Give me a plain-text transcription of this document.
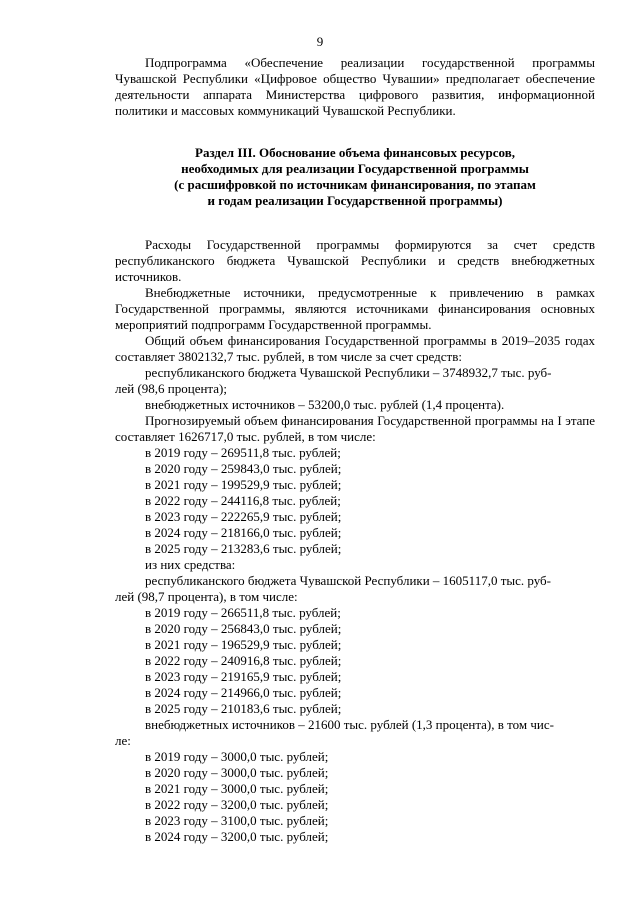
9

Подпрограмма «Обеспечение реализации государственной программы Чувашской Республики «Цифровое общество Чувашии» предполагает обеспечение деятельности аппарата Министерства цифрового развития, информационной политики и массовых коммуникаций Чувашской Республики.

Раздел III. Обоснование объема финансовых ресурсов,
необходимых для реализации Государственной программы
(с расшифровкой по источникам финансирования, по этапам
и годам реализации Государственной программы)

Расходы Государственной программы формируются за счет средств республиканского бюджета Чувашской Республики и средств внебюджетных источников.

Внебюджетные источники, предусмотренные к привлечению в рамках Государственной программы, являются источниками финансирования основных мероприятий подпрограмм Государственной программы.

Общий объем финансирования Государственной программы в 2019–2035 годах составляет 3802132,7 тыс. рублей, в том числе за счет средств:

республиканского бюджета Чувашской Республики – 3748932,7 тыс. руб-

лей (98,6 процента);

внебюджетных источников – 53200,0 тыс. рублей (1,4 процента).

Прогнозируемый объем финансирования Государственной программы на I этапе составляет 1626717,0 тыс. рублей, в том числе:

в 2019 году – 269511,8 тыс. рублей;

в 2020 году – 259843,0 тыс. рублей;

в 2021 году – 199529,9 тыс. рублей;

в 2022 году – 244116,8 тыс. рублей;

в 2023 году – 222265,9 тыс. рублей;

в 2024 году – 218166,0 тыс. рублей;

в 2025 году – 213283,6 тыс. рублей;

из них средства:

республиканского бюджета Чувашской Республики – 1605117,0 тыс. руб-

лей (98,7 процента), в том числе:

в 2019 году – 266511,8 тыс. рублей;

в 2020 году – 256843,0 тыс. рублей;

в 2021 году – 196529,9 тыс. рублей;

в 2022 году – 240916,8 тыс. рублей;

в 2023 году – 219165,9 тыс. рублей;

в 2024 году – 214966,0 тыс. рублей;

в 2025 году – 210183,6 тыс. рублей;

внебюджетных источников – 21600 тыс. рублей (1,3 процента), в том чис-

ле:

в 2019 году – 3000,0 тыс. рублей;

в 2020 году – 3000,0 тыс. рублей;

в 2021 году – 3000,0 тыс. рублей;

в 2022 году – 3200,0 тыс. рублей;

в 2023 году – 3100,0 тыс. рублей;

в 2024 году – 3200,0 тыс. рублей;
